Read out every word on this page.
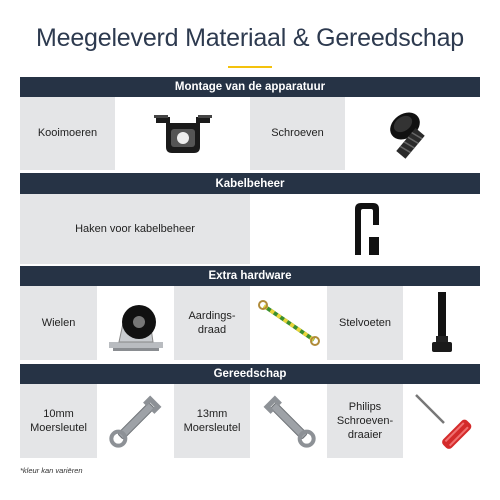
Meegeleverd Materiaal & Gereedschap
Montage van de apparatuur
Kooimoeren	Schroeven
Kabelbeheer
Haken voor kabelbeheer
Extra hardware
Wielen
Aardings-
draad
Stelvoeten
Gereedschap
10mm
Moersleutel
13mm
Moersleutel
Philips
Schroeven-
draaier
*kleur kan variëren
